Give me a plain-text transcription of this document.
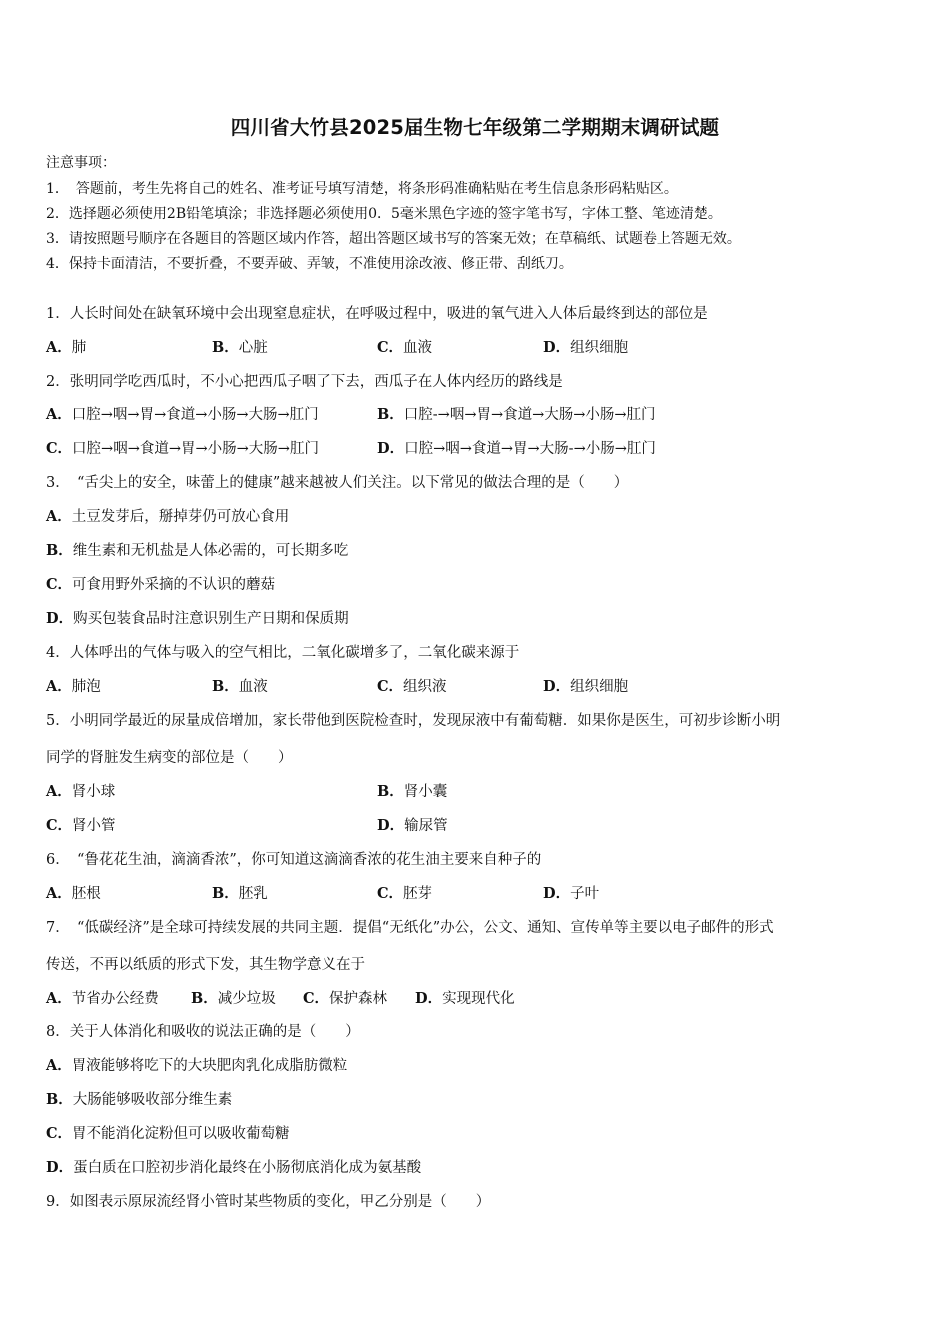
四川省大竹县2025届生物七年级第二学期期末调研试题
注意事项：
1．　答题前，考生先将自己的姓名、准考证号填写清楚，将条形码准确粘贴在考生信息条形码粘贴区。
2．选择题必须使用2B铅笔填涂；非选择题必须使用0．5毫米黑色字迹的签字笔书写，字体工整、笔迹清楚。
3．请按照题号顺序在各题目的答题区域内作答，超出答题区域书写的答案无效；在草稿纸、试题卷上答题无效。
4．保持卡面清洁，不要折叠，不要弄破、弄皱，不准使用涂改液、修正带、刮纸刀。
1．人长时间处在缺氧环境中会出现窒息症状，在呼吸过程中，吸进的氧气进入人体后最终到达的部位是
A．肺	B．心脏	C．血液	D．组织细胞
2．张明同学吃西瓜时，不小心把西瓜子咽了下去，西瓜子在人体内经历的路线是
A．口腔→咽→胃→食道→小肠→大肠→肛门	B．口腔-→咽→胃→食道→大肠→小肠→肛门
C．口腔→咽→食道→胃→小肠→大肠→肛门	D．口腔→咽→食道→胃→大肠-→小肠→肛门
3．　“舌尖上的安全，味蕾上的健康”越来越被人们关注。以下常见的做法合理的是（　　）
A．土豆发芽后，掰掉芽仍可放心食用
B．维生素和无机盐是人体必需的，可长期多吃
C．可食用野外采摘的不认识的蘑菇
D．购买包装食品时注意识别生产日期和保质期
4．人体呼出的气体与吸入的空气相比，二氧化碳增多了，二氧化碳来源于
A．肺泡	B．血液	C．组织液	D．组织细胞
5．小明同学最近的尿量成倍增加，家长带他到医院检查时，发现尿液中有葡萄糖．如果你是医生，可初步诊断小明
同学的肾脏发生病变的部位是（　　）
A．肾小球	B．肾小囊
C．肾小管	D．输尿管
6．　“鲁花花生油，滴滴香浓”，你可知道这滴滴香浓的花生油主要来自种子的
A．胚根	B．胚乳	C．胚芽	D．子叶
7．　“低碳经济”是全球可持续发展的共同主题．提倡“无纸化”办公，公文、通知、宣传单等主要以电子邮件的形式
传送，不再以纸质的形式下发，其生物学意义在于
A．节省办公经费 B．减少垃圾 C．保护森林 D．实现现代化
8．关于人体消化和吸收的说法正确的是（　　）
A．胃液能够将吃下的大块肥肉乳化成脂肪微粒
B．大肠能够吸收部分维生素
C．胃不能消化淀粉但可以吸收葡萄糖
D．蛋白质在口腔初步消化最终在小肠彻底消化成为氨基酸
9．如图表示原尿流经肾小管时某些物质的变化，甲乙分别是（　　）
